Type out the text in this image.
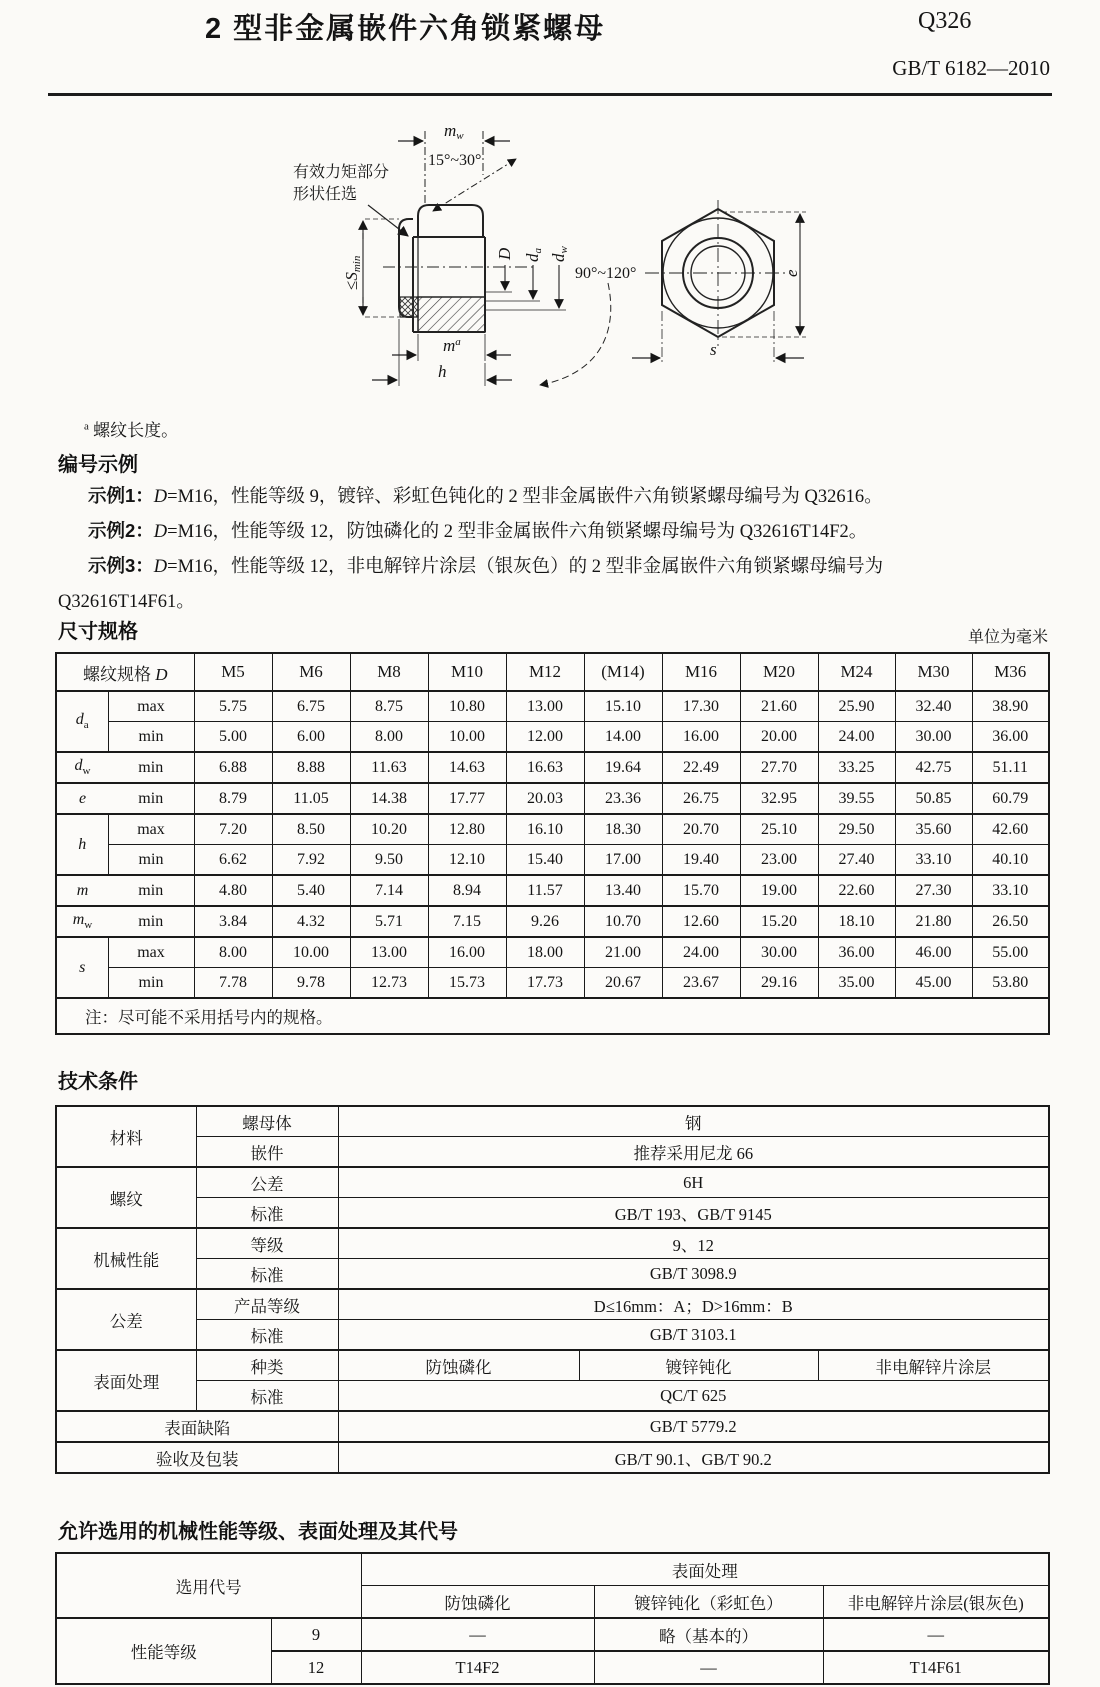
2 型非金属嵌件六角锁紧螺母	Q326
GB/T 6182—2010
有效力矩部分
形状任选
mw
15°~30°
≤Smin
D da
dw
90°~120°
$m^a$
h
e
s
$^a$ 螺纹长度。
编号示例
示例1：D=M16，性能等级 9，镀锌、彩虹色钝化的 2 型非金属嵌件六角锁紧螺母编号为 Q32616。
示例2：D=M16，性能等级 12，防蚀磷化的 2 型非金属嵌件六角锁紧螺母编号为 Q32616T14F2。
示例3：D=M16，性能等级 12，非电解锌片涂层（银灰色）的 2 型非金属嵌件六角锁紧螺母编号为
Q32616T14F61。
尺寸规格	单位为毫米
螺纹规格 D		M5	M6	M8	M10	M12	(M14)	M16	M20	M24	M30	M36
$d_a$	max	5.75	6.75	8.75	10.80	13.00	15.10	17.30	21.60	25.90	32.40	38.90
	min	5.00	6.00	8.00	10.00	12.00	14.00	16.00	20.00	24.00	30.00	36.00
$d_w$	min	6.88	8.88	11.63	14.63	16.63	19.64	22.49	27.70	33.25	42.75	51.11
e	min	8.79	11.05	14.38	17.77	20.03	23.36	26.75	32.95	39.55	50.85	60.79
h	max	7.20	8.50	10.20	12.80	16.10	18.30	20.70	25.10	29.50	35.60	42.60
	min	6.62	7.92	9.50	12.10	15.40	17.00	19.40	23.00	27.40	33.10	40.10
m	min	4.80	5.40	7.14	8.94	11.57	13.40	15.70	19.00	22.60	27.30	33.10
$m_w$	min	3.84	4.32	5.71	7.15	9.26	10.70	12.60	15.20	18.10	21.80	26.50
s	max	8.00	10.00	13.00	16.00	18.00	21.00	24.00	30.00	36.00	46.00	55.00
	min	7.78	9.78	12.73	15.73	17.73	20.67	23.67	29.16	35.00	45.00	53.80
注：尽可能不采用括号内的规格。												
技术条件
材料	螺母体	钢		
	嵌件	推荐采用尼龙 66		
螺纹	公差	6H		
	标准	GB/T 193、GB/T 9145		
机械性能	等级	9、12		
	标准	GB/T 3098.9		
公差	产品等级	D≤16mm：A；D>16mm：B		
	标准	GB/T 3103.1		
表面处理	种类	防蚀磷化	镀锌钝化	非电解锌片涂层
	标准	QC/T 625		
表面缺陷		GB/T 5779.2		
验收及包装		GB/T 90.1、GB/T 90.2		
允许选用的机械性能等级、表面处理及其代号
选用代号		表面处理		
		防蚀磷化	镀锌钝化（彩虹色）	非电解锌片涂层(银灰色)
性能等级	9	—	略（基本的）	—
	12	T14F2	—	T14F61
